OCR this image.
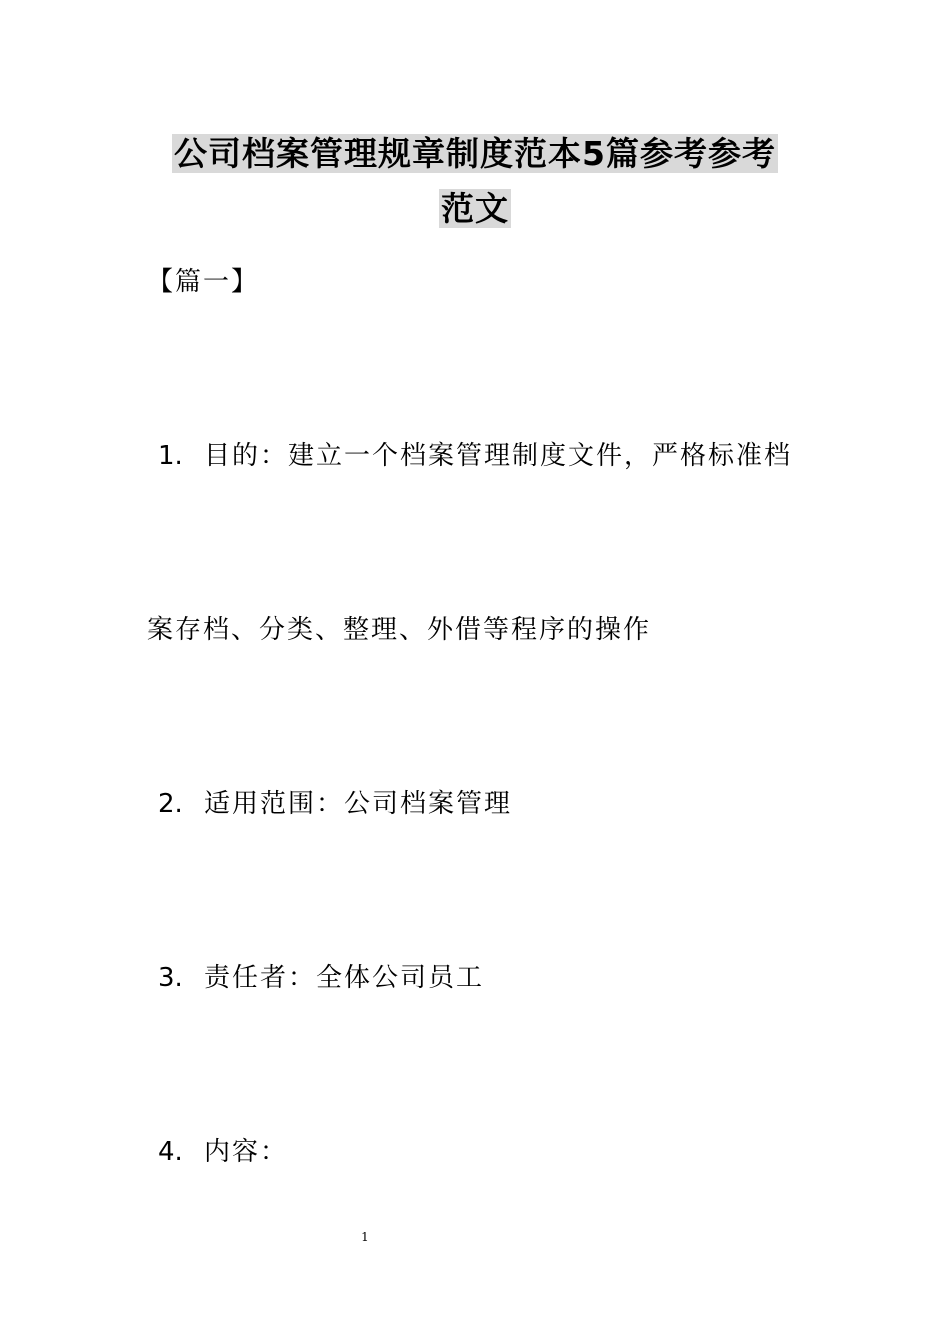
公司档案管理规章制度范本5篇参考参考
范文
【篇一】
1. 目的：建立一个档案管理制度文件，严格标准档
案存档、分类、整理、外借等程序的操作
2. 适用范围：公司档案管理
3. 责任者：全体公司员工
4. 内容：
1
